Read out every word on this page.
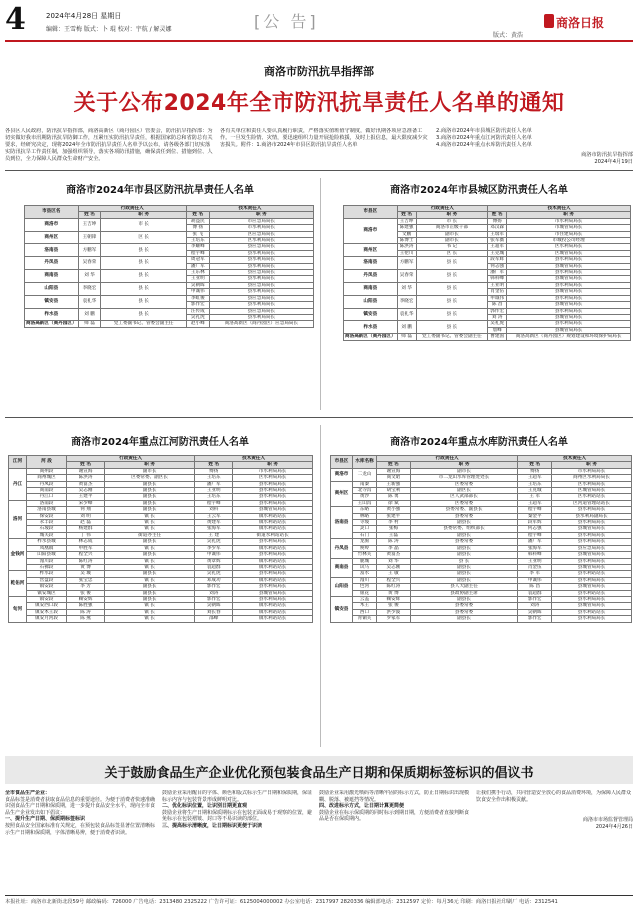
4	2024年4月28日 星期日
编辑：王雪梅 版式：卜 琨 校对：宇航 / 解灵娜	[公 告]	商洛日报
版式：黄浩
商洛市防汛抗旱指挥部
关于公布2024年全市防汛抗旱责任人名单的通知
各县区人民政府，防汛抗旱指挥部，商洛高新区（商丹园区）管委会，防汛抗旱指挥部：为切实做好我市汛期防汛抗旱防御工作，压紧压实防汛抗旱责任，根据国家防总和省防总有关要求，经研究决定，现将2024年全市防汛抗旱责任人名单予以公布，请各级各部门切实落实防汛抗旱工作责任制，加强组织领导，落实各项防汛措施，确保责任到位、措施到位、人员到位，全力保障人民群众生命财产安全。
各有关单位和责任人要认真履行职责，严格落实值班值守制度，做好汛期各项应急准备工作。一旦发生险情、灾情，要迅速组织力量开展抢险救援，及时上报信息，最大限度减少灾害损失。附件：1.商洛市2024年市县区防汛抗旱责任人名单
2.商洛市2024年市县城区防汛责任人名单
3.商洛市2024年重点江河防汛责任人名单
4.商洛市2024年重点水库防汛责任人名单
商洛市防汛抗旱指挥部
2024年4月19日
商洛市2024年市县区防汛抗旱责任人名单
市县区名	行政责任人		技术责任人	
	姓 名	职 务	姓 名	职 务
商洛市	王吉坤	市 长	胡益民	市应急局局长
			傅 扬	市水利局局长
商州区	王朝锋	区 长	张 飞	区应急局局长
			王培东	区水利局局长
洛南县	方鹏军	县 长	李耀峰	县应急局局长
			程宇峰	县水利局局长
丹凤县	吴春荣	县 长	周冠军	县水利局局长
			潘广军	县水利局局长
商南县	刘 华	县 长	王东林	县应急局局长
			王亚明	县水利局局长
山阳县	李晓宏	县 长	吴朝晖	县应急局局长
			申诚伟	县水利局局长
镇安县	袁礼华	县 长	李虹俊	县应急局局长
			郭作宏	县水利局局长
柞水县	刘 鹏	县 长	汪传成	县应急局局长
			吴礼虎	县水利局局长
商洛高新区（商丹园区）	师 磊	党工委副书记、管委会副主任	赵小峰	商洛高新区（商丹园区）应急局局长
商洛市2024年市县城区防汛责任人名单
市县区	行政责任人		技术责任人	
	姓 名	职 务	姓 名	职 务
商洛市	王吉坤	市 长	傅扬	市水利局局长
	陈建强	商洛市正级干部	邓汉森	市城管局局长
	文鹏	副市长	王瑞军	市住建局局长
	陈博士	副市长	张军薇	市城投公司经理
商州区	陈洪涛	书 记	王超军	区水利局局长
	王伦川	区 长	王克城	区城管局局长
洛南县	方鹏军	县 长	段军辉	县水利局局长
			何志强	县城管局局长
丹凤县	吴春荣	县 长	潘广军	县水利局局长
			韩科峰	县城管局局长
商南县	刘 华	县 长	王亚明	县水利局局长
			肖金伍	县城管局局长
山阳县	李晓宏	县 长	申诚伟	县水利局局长
			陈 昌	县城管局局长
镇安县	袁礼华	县 长	郭作宏	县水利局局长
			刘 涛	县城管局局长
柞水县	刘 鹏	县 长	吴礼虎	县水利局局长
			詹峰	县城管局局长
商洛高新区（商丹园区）	师 磊	党工委副书记、管委会副主任	曹建国	商洛高新区（商丹园区）规划建设和环境保护局局长
商洛市2024年重点江河防汛责任人名单
江河	河 段	行政责任人		技术责任人	
		姓 名	职 务	姓 名	职 务
丹江	商州段	谢宣海	副市长	傅扬	市水利局局长
	商州城区	陈洪涛	区委常委、副区长	王培东	区水利局局长
	丹凤段	黄富杰	副县长	潘广军	县水利局局长
	商南段	吴志刚	副县长	王亚明	县水利局局长
	丹江口	王建平	副县长	王培东	县水利局局长
洛河	洛南段	宋少峰	副县长	程宇峰	县水利局局长
	洛南县城	何 翔	副县长	刘科	县城管局局长
	保安段	刘 明	镇 长	王云军	镇水利站站长
	永丰段	赵 磊	镇 长	黄建军	镇水利站站长
	石坡段	杨建群	镇 长	张海军	镇水利站站长
	城关段	丁 伟	街道办主任	王 建	街道水利站站长
金钱河	柞水县城	林志成	副县长	吴礼虎	县水利局局长
	凤凰镇	申胜军	镇 长	李少军	镇水利站站长
	山阳县城	程全兴	副县长	申诚伟	县水利局局长
	漫川段	陈红涛	镇 长	黄章辉	镇水利站站长
	石佛段	黄 博	镇 长	袁超群	镇水利站站长
乾佑河	柞水段	吴 城	副县长	吴礼虎	县水利局局长
	营盘段	张宝忠	镇 长	邓成功	镇水利站站长
	镇安段	李 芳	副县长	郭作宏	县水利局局长
	镇安城区	张 俊	副县长	刘涛	县城管局局长
旬河	镇安段	赖安辉	副县长	郭作宏	县水利局局长
	镇安西口段	陈胜强	镇 长	吴朝晖	镇水利站站长
	镇安木王段	陈 涛	镇 长	刘长春	镇水利站站长
	镇安月河段	陈 燕	镇 长	邵峰	镇水利站站长
商洛市2024年重点水库防汛责任人名单
市县区	水库名称	行政责任人		技术责任人	
		姓 名	职 务	姓 名	职 务
商洛市	二龙山	谢宣海	副市长	傅扬	市水利局局长
		商文昭	市二龙山水库管理处处长	王超军	商州区水利局局长
商州区	南秦	王新强	区委常委	王培东	区水利局局长
	北寺沟	胡宝利	副区长	王克城	区城管局局长
	黄沙	陈 勇	区人武部部长	王 军	区水利站站长
	王山沟	徐 斌	区委常委	王超军	区河道管理站站长
洛南县	东峪	黄小强	县委常委、副县长	程宇峰	县水利局局长
	林峪	张建平	县委常委	秦金平	县水利局副局长
	寺坡	李 村	副县长	段军辉	县水利局局长
	灵口	张梅	县委常委、组织部长	何志强	县城管局局长
	石门	王磊	副县长	程宇峰	县水利局局长
丹凤县	龙驹	陈 涛	县委常委	潘广军	县水利局局长
	庾岭	李 晶	副县长	张海军	县应急局局长
	竹林关	黄富杰	副县长	韩科峰	县城管局局长
商南县	鹿城	刘 华	县 长	王亚明	县水利局局长
	试马	吴志刚	副县长	肖金伍	县城管局局长
	富水	王 敏	副县长	李 军	县水利站站长
山阳县	漫川	程全兴	副县长	申诚伟	县水利局局长
	色河	陈红涛	县人大副主任	陈 昌	县城管局局长
	银花	黄 博	县政协副主席	袁超群	县水利站站长
镇安县	云盖	赖安辉	副县长	郭作宏	县水利局局长
	木王	张 俊	县委常委	刘涛	县城管局局长
	西口	洪少波	县委常委	吴朝晖	县水利站站长
	青铜关	罗家军	副县长	郭作宏	县水利局局长
关于鼓励食品生产企业优化预包装食品生产日期和保质期标签标识的倡议书
全市食品生产企业：
食品标签是消费者获取食品信息的重要途径。为便于消费者快速准确识别食品生产日期和保质期，进一步提升食品安全水平，现向全市食品生产企业发出如下倡议：
一、提升生产日期、保质期标签标识
按照食品安全国家标准有关规定，在预包装食品标签显著位置清晰标示生产日期和保质期，字体清晰易辨，便于消费者识读。
鼓励企业采用醒目的字体、颜色和版式标示生产日期和保质期，保证标示内容与包装背景形成鲜明对比。
二、优化标识位置，让识别日期更直观
鼓励企业将生产日期和保质期标示在包装正面或易于观察的位置，避免标示在包装褶皱、封口等不易识读的部位。
三、提高标示清晰度，让日期标识更便于识读
鼓励企业采用激光喷码等清晰牢固的标示方式，防止日期标识出现模糊、脱落、被遮挡等情况。
四、改进标示方式，让日期计算更简便
鼓励企业在标示保质期的同时标示到期日期，方便消费者直接判断食品是否在保质期内。
让我们携手行动，共同营造安全放心的食品消费环境，为保障人民群众饮食安全作出积极贡献。
商洛市市场监督管理局
2024年4月26日
本报社址：商洛市北新街北段59号 邮政编码：726000 广告电话：2313480 2325222 广告许可证：6125004000002 办公室电话：2317997 2820336 编辑部电话：2312597 定价：每月36元 印刷：商洛日报社印刷厂 电话：2312541
